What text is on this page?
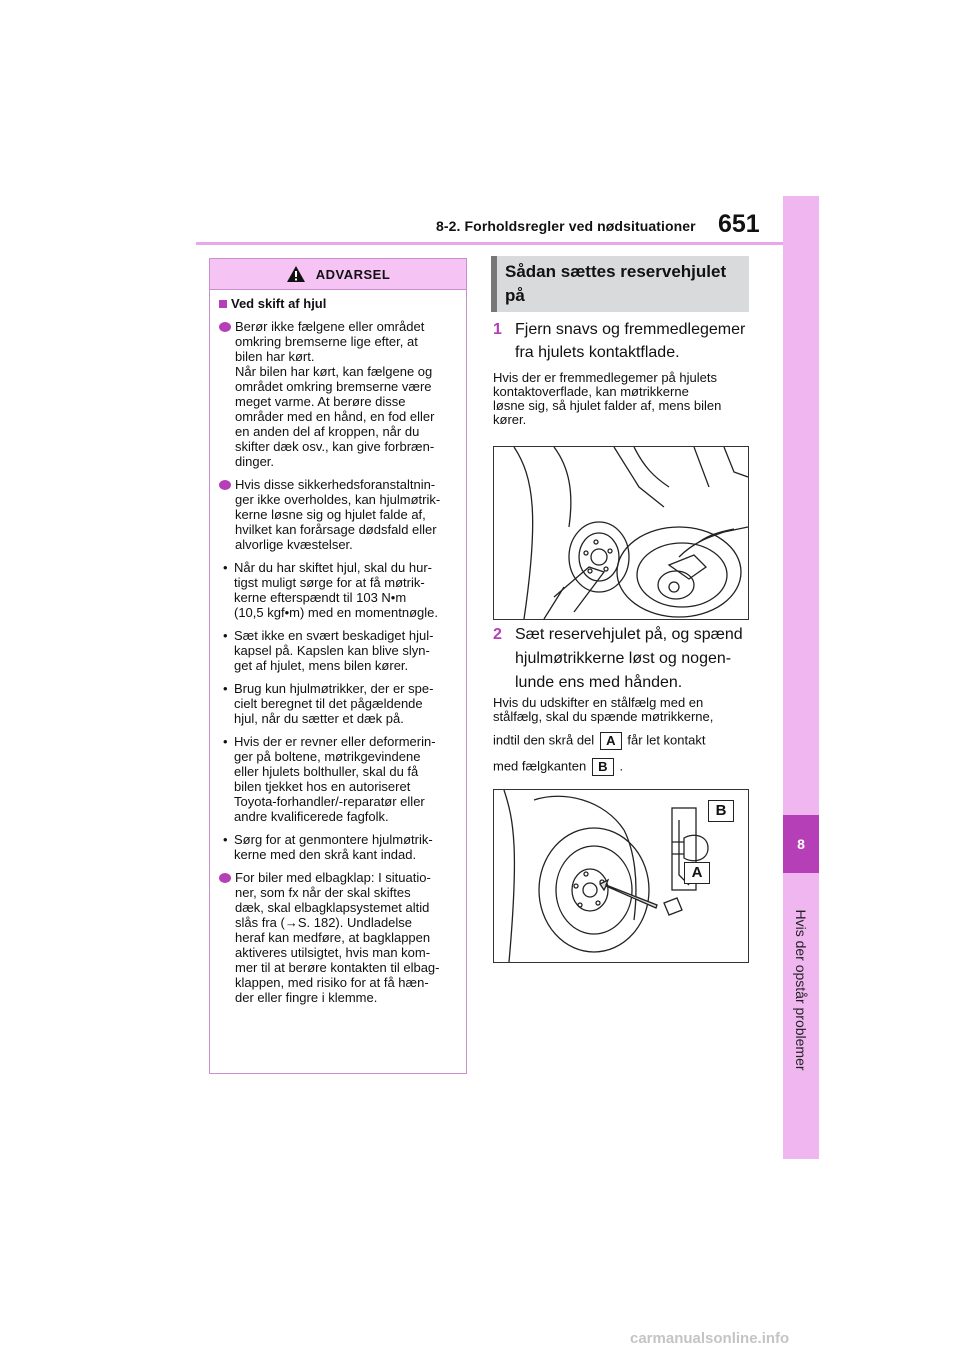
8-2. Forholdsregler ved nødsituationer 651
8
Hvis der opstår problemer
ADVARSEL
Ved skift af hjul
Berør ikke fælgene eller området
omkring bremserne lige efter, at
bilen har kørt.
Når bilen har kørt, kan fælgene og
området omkring bremserne være
meget varme. At berøre disse
områder med en hånd, en fod eller
en anden del af kroppen, når du
skifter dæk osv., kan give forbræn-
dinger.
Hvis disse sikkerhedsforanstaltnin-
ger ikke overholdes, kan hjulmøtrik-
kerne løsne sig og hjulet falde af,
hvilket kan forårsage dødsfald eller
alvorlige kvæstelser.
• Når du har skiftet hjul, skal du hur-
tigst muligt sørge for at få møtrik-
kerne efterspændt til 103 N•m
(10,5 kgf•m) med en momentnøgle.
• Sæt ikke en svært beskadiget hjul-
kapsel på. Kapslen kan blive slyn-
get af hjulet, mens bilen kører.
• Brug kun hjulmøtrikker, der er spe-
cielt beregnet til det pågældende
hjul, når du sætter et dæk på.
• Hvis der er revner eller deformerin-
ger på boltene, møtrikgevindene
eller hjulets bolthuller, skal du få
bilen tjekket hos en autoriseret
Toyota-forhandler/-reparatør eller
andre kvalificerede fagfolk.
• Sørg for at genmontere hjulmøtrik-
kerne med den skrå kant indad.
For biler med elbagklap: I situatio-
ner, som fx når der skal skiftes
dæk, skal elbagklapsystemet altid
slås fra (→S. 182). Undladelse
heraf kan medføre, at bagklappen
aktiveres utilsigtet, hvis man kom-
mer til at berøre kontakten til elbag-
klappen, med risiko for at få hæn-
der eller fingre i klemme.
Sådan sættes reservehjulet på
1 Fjern snavs og fremmedlegemer
fra hjulets kontaktflade.
Hvis der er fremmedlegemer på hjulets
kontaktoverflade, kan møtrikkerne
løsne sig, så hjulet falder af, mens bilen
kører.
2 Sæt reservehjulet på, og spænd
hjulmøtrikkerne løst og nogen-
lunde ens med hånden.
Hvis du udskifter en stålfælg med en
stålfælg, skal du spænde møtrikkerne,
indtil den skrå del A får let kontakt
med fælgkanten B .
B
A
carmanualsonline.info
